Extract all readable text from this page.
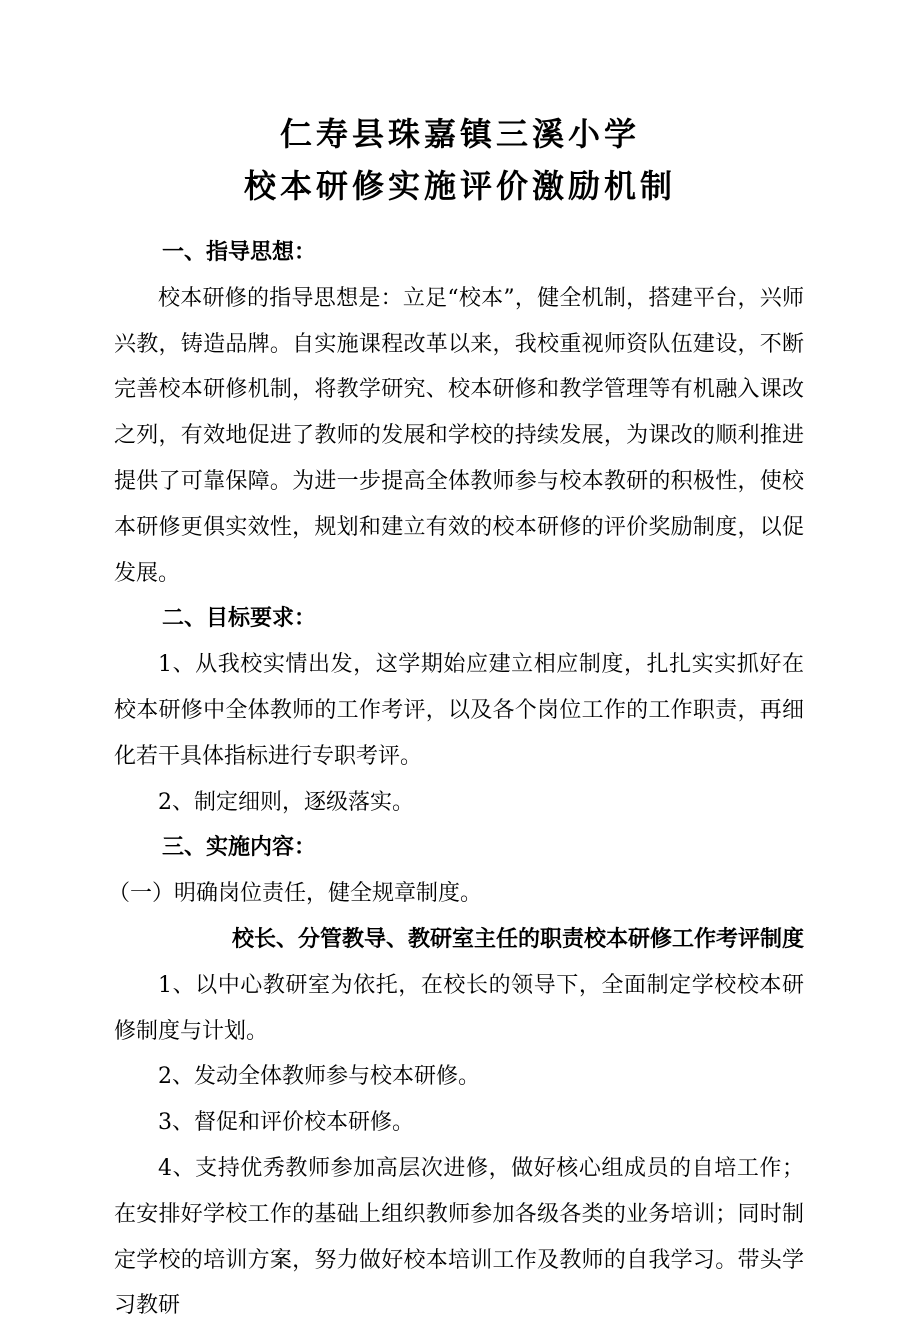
仁寿县珠嘉镇三溪小学
校本研修实施评价激励机制

一、指导思想：

校本研修的指导思想是：立足“校本”，健全机制，搭建平台，兴师兴教，铸造品牌。自实施课程改革以来，我校重视师资队伍建设，不断完善校本研修机制，将教学研究、校本研修和教学管理等有机融入课改之列，有效地促进了教师的发展和学校的持续发展，为课改的顺利推进提供了可靠保障。为进一步提高全体教师参与校本教研的积极性，使校本研修更俱实效性，规划和建立有效的校本研修的评价奖励制度，以促发展。

二、目标要求：

1、从我校实情出发，这学期始应建立相应制度，扎扎实实抓好在校本研修中全体教师的工作考评，以及各个岗位工作的工作职责，再细化若干具体指标进行专职考评。

2、制定细则，逐级落实。

三、实施内容：

（一）明确岗位责任，健全规章制度。

校长、分管教导、教研室主任的职责校本研修工作考评制度

1、以中心教研室为依托，在校长的领导下，全面制定学校校本研修制度与计划。

2、发动全体教师参与校本研修。

3、督促和评价校本研修。

4、支持优秀教师参加高层次进修，做好核心组成员的自培工作；在安排好学校工作的基础上组织教师参加各级各类的业务培训；同时制定学校的培训方案，努力做好校本培训工作及教师的自我学习。带头学习教研
